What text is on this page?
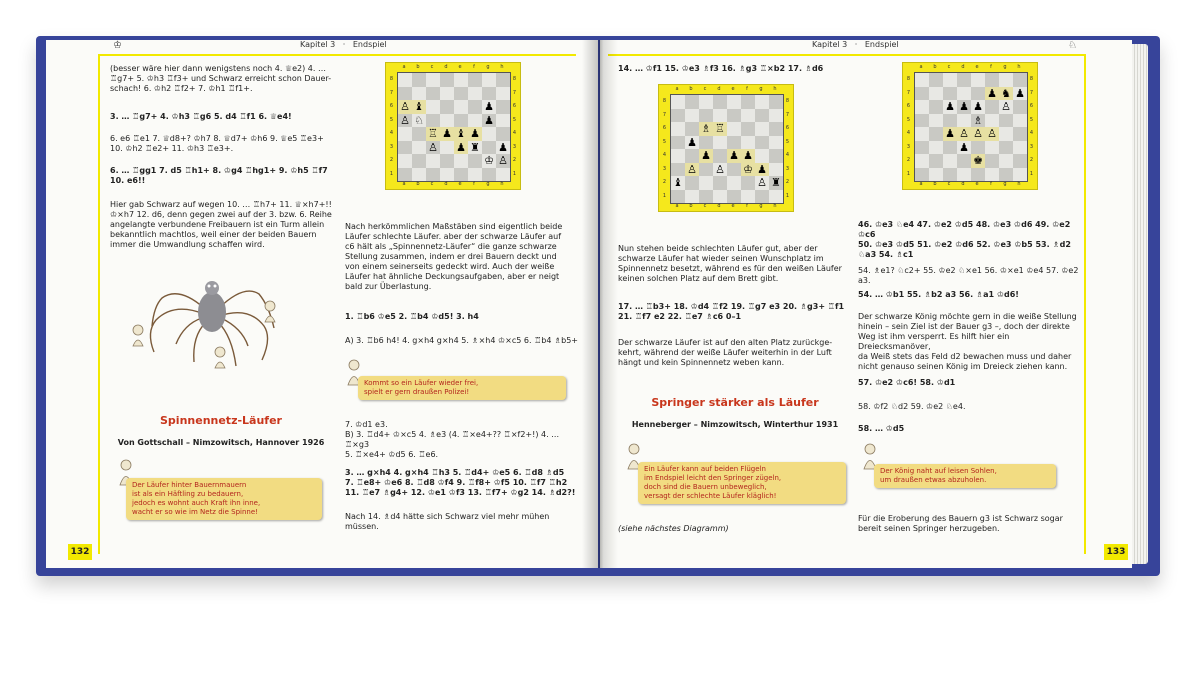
♔	Kapitel 3 · Endspiel
132
(besser wäre hier dann wenigstens noch 4. ♕e2) 4. …
♖g7+ 5. ♔h3 ♖f3+ und Schwarz erreicht schon Dauer-
schach! 6. ♔h2 ♖f2+ 7. ♔h1 ♖f1+.
3. … ♖g7+ 4. ♔h3 ♖g6 5. d4 ♖f1 6. ♕e4!
6. e6 ♖e1 7. ♕d8+? ♔h7 8. ♕d7+ ♔h6 9. ♕e5 ♖e3+
10. ♔h2 ♖e2+ 11. ♔h3 ♖e3+.
6. … ♖gg1 7. d5 ♖h1+ 8. ♔g4 ♖hg1+ 9. ♔h5 ♖f7
10. e6!!
Hier gab Schwarz auf wegen 10. … ♖h7+ 11. ♕×h7+!!
♔×h7 12. d6, denn gegen zwei auf der 3. bzw. 6. Reihe
angelangte verbundene Freibauern ist ein Turm allein
bekanntlich machtlos, weil einer der beiden Bauern
immer die Umwandlung schaffen wird.
Spinnennetz-Läufer
Von Gottschall – Nimzowitsch, Hannover 1926
Der Läufer hinter Bauernmauern
ist als ein Häftling zu bedauern,
jedoch es wohnt auch Kraft ihn inne,
wacht er so wie im Netz die Spinne!
♙ ♝	♟
♙ ♘	♟
♖ ♟ ♝ ♟
♙ ♟ ♜ ♟
♔ ♙
a
a
b
b
c
c
d
d
e
e
f
f
g
g
h
h
8	8
7	7
6	6
5	5
4	4
3	3
2	2
1	1
Nach herkömmlichen Maßstäben sind eigentlich beide
Läufer schlechte Läufer. aber der schwarze Läufer auf
c6 hält als „Spinnennetz-Läufer“ die ganze schwarze
Stellung zusammen, indem er drei Bauern deckt und
von einem seinerseits gedeckt wird. Auch der weiße
Läufer hat ähnliche Deckungsaufgaben, aber er neigt
bald zur Überlastung.
1. ♖b6 ♔e5 2. ♖b4 ♔d5! 3. h4
A) 3. ♖b6 h4! 4. g×h4 g×h4 5. ♗×h4 ♔×c5 6. ♖b4 ♗b5+
Kommt so ein Läufer wieder frei,
spielt er gern draußen Polizei!
7. ♔d1 e3.
B) 3. ♖d4+ ♔×c5 4. ♗e3 (4. ♖×e4+?? ♖×f2+!) 4. … ♖×g3
5. ♖×e4+ ♔d5 6. ♖e6.
3. … g×h4 4. g×h4 ♖h3 5. ♖d4+ ♔e5 6. ♖d8 ♗d5
7. ♖e8+ ♔e6 8. ♖d8 ♔f4 9. ♖f8+ ♔f5 10. ♖f7 ♖h2
11. ♖e7 ♗g4+ 12. ♔e1 ♔f3 13. ♖f7+ ♔g2 14. ♗d2?!
Nach 14. ♗d4 hätte sich Schwarz viel mehr mühen
müssen.
Kapitel 3 · Endspiel	♘
133
14. … ♔f1 15. ♔e3 ♗f3 16. ♗g3 ♖×b2 17. ♗d6
♗ ♖
♟
♟ ♟ ♟
♙ ♙ ♔ ♟
♝	♙ ♜
a
a
b
b
c
c
d
d
e
e
f
f
g
g
h
h
8	8
7	7
6	6
5	5
4	4
3	3
2	2
1	1
Nun stehen beide schlechten Läufer gut, aber der
schwarze Läufer hat wieder seinen Wunschplatz im
Spinnennetz besetzt, während es für den weißen Läufer
keinen solchen Platz auf dem Brett gibt.
17. … ♖b3+ 18. ♔d4 ♖f2 19. ♖g7 e3 20. ♗g3+ ♖f1
21. ♖f7 e2 22. ♖e7 ♗c6 0–1
Der schwarze Läufer ist auf den alten Platz zurückge-
kehrt, während der weiße Läufer weiterhin in der Luft
hängt und kein Spinnennetz weben kann.
Springer stärker als Läufer
Henneberger – Nimzowitsch, Winterthur 1931
Ein Läufer kann auf beiden Flügeln
im Endspiel leicht den Springer zügeln,
doch sind die Bauern unbeweglich,
versagt der schlechte Läufer kläglich!
(siehe nächstes Diagramm)
♟ ♞ ♟
♟ ♟ ♟ ♙
♗
♟ ♙ ♙ ♙
♟
♚
a
a
b
b
c
c
d
d
e
e
f
f
g
g
h
h
8	8
7	7
6	6
5	5
4	4
3	3
2	2
1	1
46. ♔e3 ♘e4 47. ♔e2 ♔d5 48. ♔e3 ♔d6 49. ♔e2 ♔c6
50. ♔e3 ♔d5 51. ♔e2 ♔d6 52. ♔e3 ♔b5 53. ♗d2
♘a3 54. ♗c1
54. ♗e1? ♘c2+ 55. ♔e2 ♘×e1 56. ♔×e1 ♔e4 57. ♔e2 a3.
54. … ♔b1 55. ♗b2 a3 56. ♗a1 ♔d6!
Der schwarze König möchte gern in die weiße Stellung
hinein – sein Ziel ist der Bauer g3 –, doch der direkte
Weg ist ihm versperrt. Es hilft hier ein Dreiecksmanöver,
da Weiß stets das Feld d2 bewachen muss und daher
nicht genauso seinen König im Dreieck ziehen kann.
57. ♔e2 ♔c6! 58. ♔d1
58. ♔f2 ♘d2 59. ♔e2 ♘e4.
58. … ♔d5
Der König naht auf leisen Sohlen,
um draußen etwas abzuholen.
Für die Eroberung des Bauern g3 ist Schwarz sogar
bereit seinen Springer herzugeben.
